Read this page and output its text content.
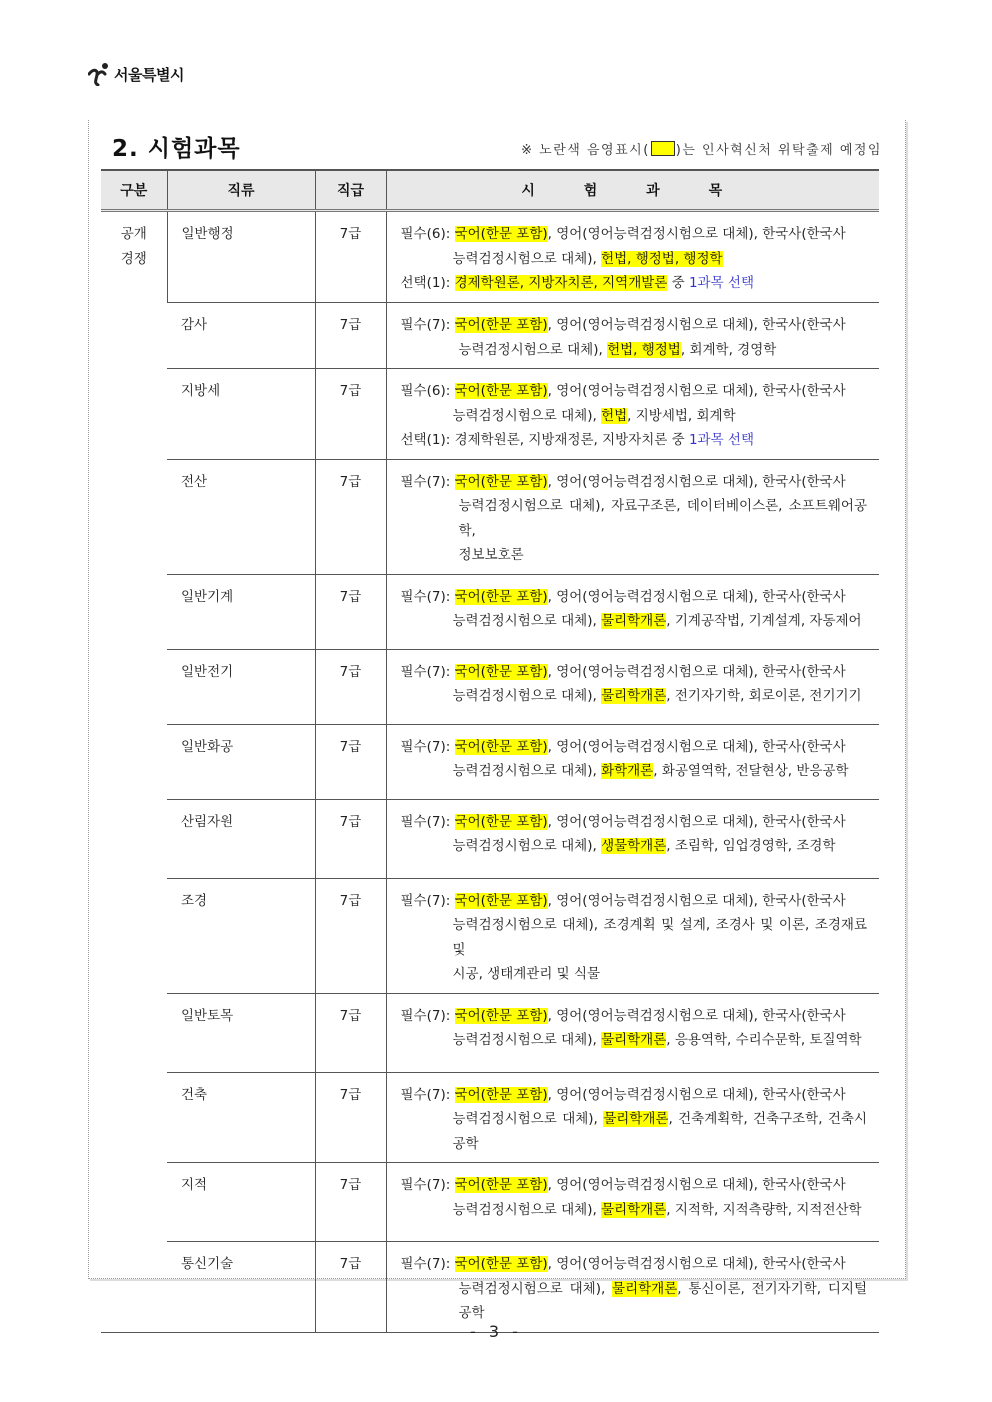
서울특별시
2. 시험과목	※ 노란색 음영표시( )는 인사혁신처 위탁출제 예정임
구분	직류	직급	시 험 과 목
공개
경쟁	일반행정	7급	필수(6): 국어(한문 포함), 영어(영어능력검정시험으로 대체), 한국사(한국사
능력검정시험으로 대체), 헌법, 행정법, 행정학
선택(1): 경제학원론, 지방자치론, 지역개발론 중 1과목 선택

	감사	7급	필수(7): 국어(한문 포함), 영어(영어능력검정시험으로 대체), 한국사(한국사
능력검정시험으로 대체), 헌법, 행정법, 회계학, 경영학

	지방세	7급	필수(6): 국어(한문 포함), 영어(영어능력검정시험으로 대체), 한국사(한국사
능력검정시험으로 대체), 헌법, 지방세법, 회계학
선택(1): 경제학원론, 지방재정론, 지방자치론 중 1과목 선택

	전산	7급	필수(7): 국어(한문 포함), 영어(영어능력검정시험으로 대체), 한국사(한국사
능력검정시험으로 대체), 자료구조론, 데이터베이스론, 소프트웨어공학,
정보보호론

	일반기계	7급	필수(7): 국어(한문 포함), 영어(영어능력검정시험으로 대체), 한국사(한국사
능력검정시험으로 대체), 물리학개론, 기계공작법, 기계설계, 자동제어

	일반전기	7급	필수(7): 국어(한문 포함), 영어(영어능력검정시험으로 대체), 한국사(한국사
능력검정시험으로 대체), 물리학개론, 전기자기학, 회로이론, 전기기기

	일반화공	7급	필수(7): 국어(한문 포함), 영어(영어능력검정시험으로 대체), 한국사(한국사
능력검정시험으로 대체), 화학개론, 화공열역학, 전달현상, 반응공학

	산림자원	7급	필수(7): 국어(한문 포함), 영어(영어능력검정시험으로 대체), 한국사(한국사
능력검정시험으로 대체), 생물학개론, 조림학, 임업경영학, 조경학

	조경	7급	필수(7): 국어(한문 포함), 영어(영어능력검정시험으로 대체), 한국사(한국사
능력검정시험으로 대체), 조경계획 및 설계, 조경사 및 이론, 조경재료 및
시공, 생태계관리 및 식물

	일반토목	7급	필수(7): 국어(한문 포함), 영어(영어능력검정시험으로 대체), 한국사(한국사
능력검정시험으로 대체), 물리학개론, 응용역학, 수리수문학, 토질역학

	건축	7급	필수(7): 국어(한문 포함), 영어(영어능력검정시험으로 대체), 한국사(한국사
능력검정시험으로 대체), 물리학개론, 건축계획학, 건축구조학, 건축시공학

	지적	7급	필수(7): 국어(한문 포함), 영어(영어능력검정시험으로 대체), 한국사(한국사
능력검정시험으로 대체), 물리학개론, 지적학, 지적측량학, 지적전산학

	통신기술	7급	필수(7): 국어(한문 포함), 영어(영어능력검정시험으로 대체), 한국사(한국사
능력검정시험으로 대체), 물리학개론, 통신이론, 전기자기학, 디지털공학
- 3 -
